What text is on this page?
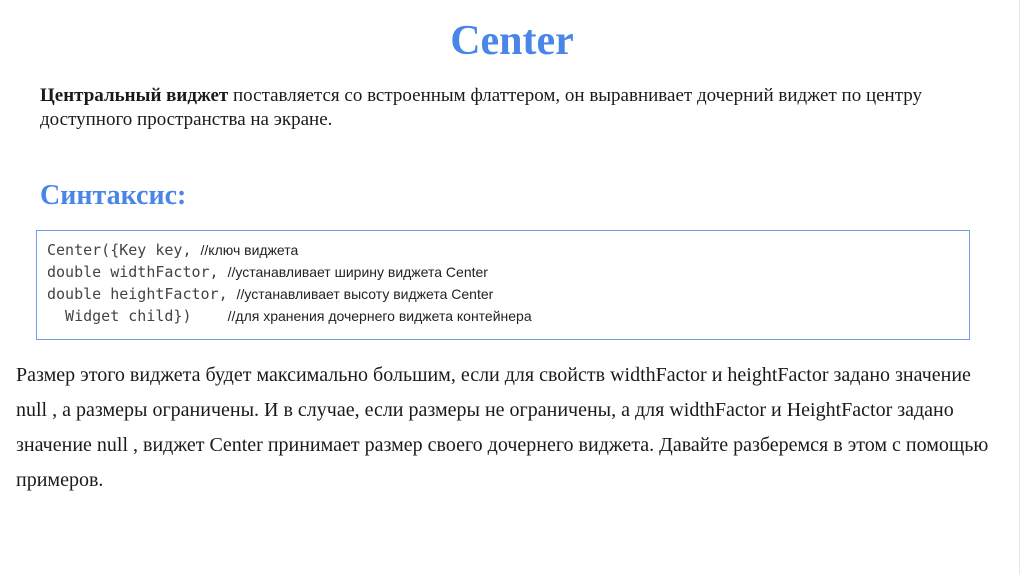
Center
Центральный виджет поставляется со встроенным флаттером, он выравнивает дочерний виджет по центру доступного пространства на экране.
Синтаксис:
Center({Key key, //ключ виджета
double widthFactor, //устанавливает ширину виджета Center
double heightFactor, //устанавливает высоту виджета Center
Widget child})    //для хранения дочернего виджета контейнера
Размер этого виджета будет максимально большим, если для свойств widthFactor и heightFactor задано значение null , а размеры ограничены. И в случае, если размеры не ограничены, а для widthFactor и HeightFactor задано значение null , виджет Center принимает размер своего дочернего виджета. Давайте разберемся в этом с помощью примеров.
